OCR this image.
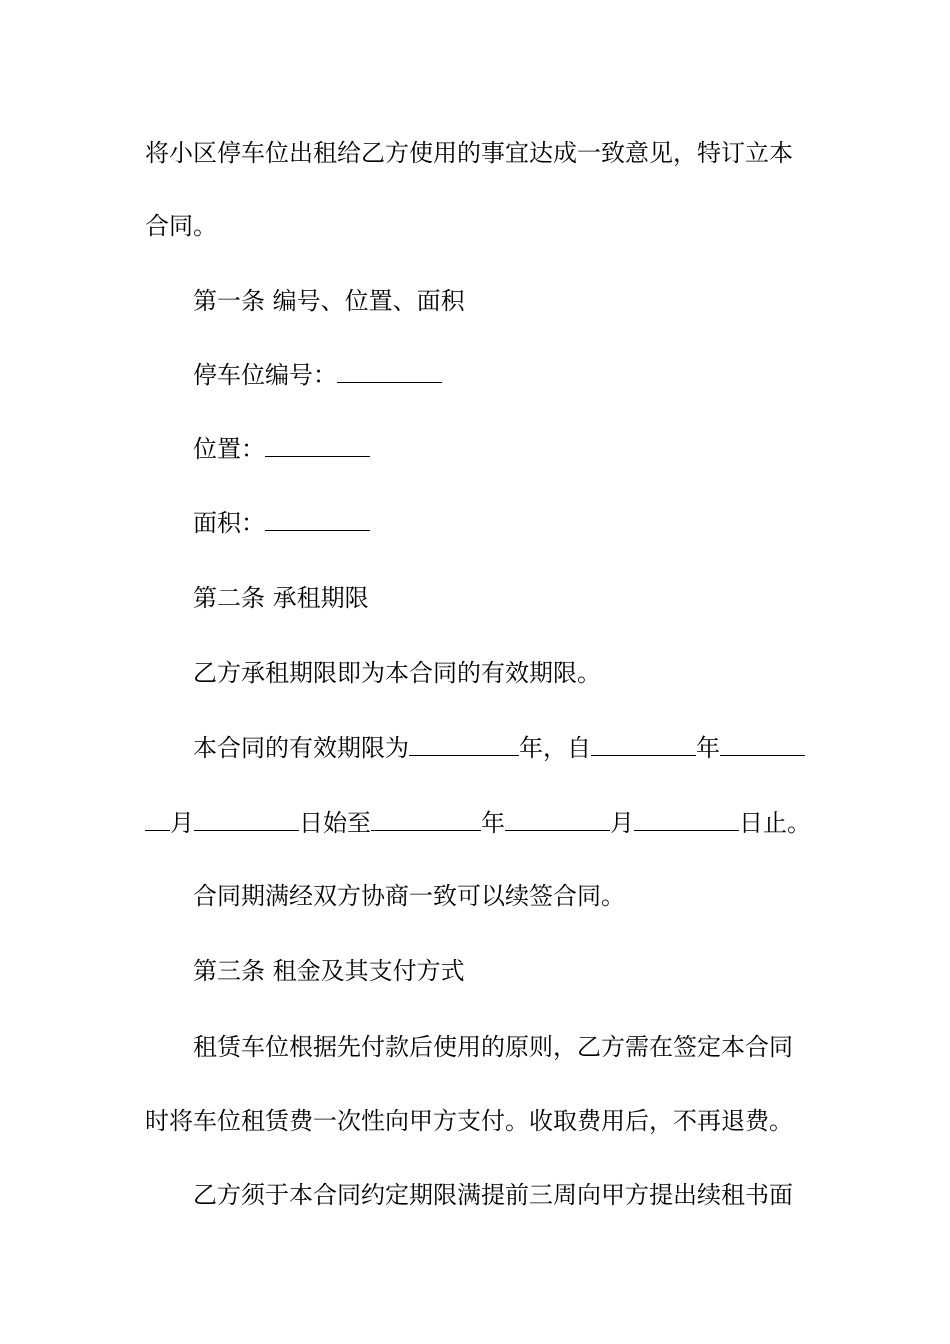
将小区停车位出租给乙方使用的事宜达成一致意见，特订立本
合同。
第一条 编号、位置、面积
停车位编号：
位置：
面积：
第二条 承租期限
乙方承租期限即为本合同的有效期限。
本合同的有效期限为	年，自	年
月	日始至	年	月	日止。
合同期满经双方协商一致可以续签合同。
第三条 租金及其支付方式
租赁车位根据先付款后使用的原则，乙方需在签定本合同
时将车位租赁费一次性向甲方支付。收取费用后，不再退费。
乙方须于本合同约定期限满提前三周向甲方提出续租书面
